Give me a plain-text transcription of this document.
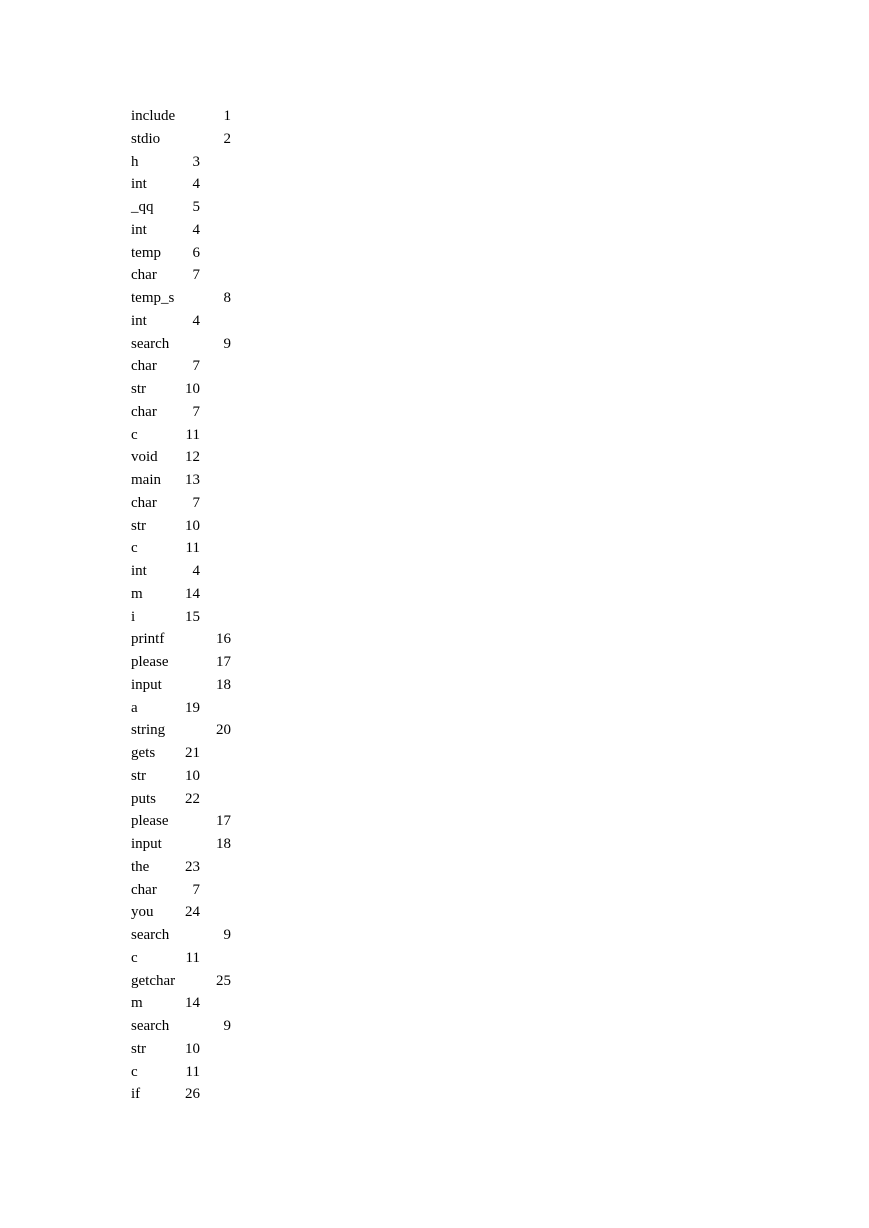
include	1
stdio	2
h	3
int	4
_qq	5
int	4
temp	6
char	7
temp_s	8
int	4
search	9
char	7
str	10
char	7
c	11
void	12
main	13
char	7
str	10
c	11
int	4
m	14
i	15
printf	16
please	17
input	18
a	19
string	20
gets	21
str	10
puts	22
please	17
input	18
the	23
char	7
you	24
search	9
c	11
getchar	25
m	14
search	9
str	10
c	11
if	26
